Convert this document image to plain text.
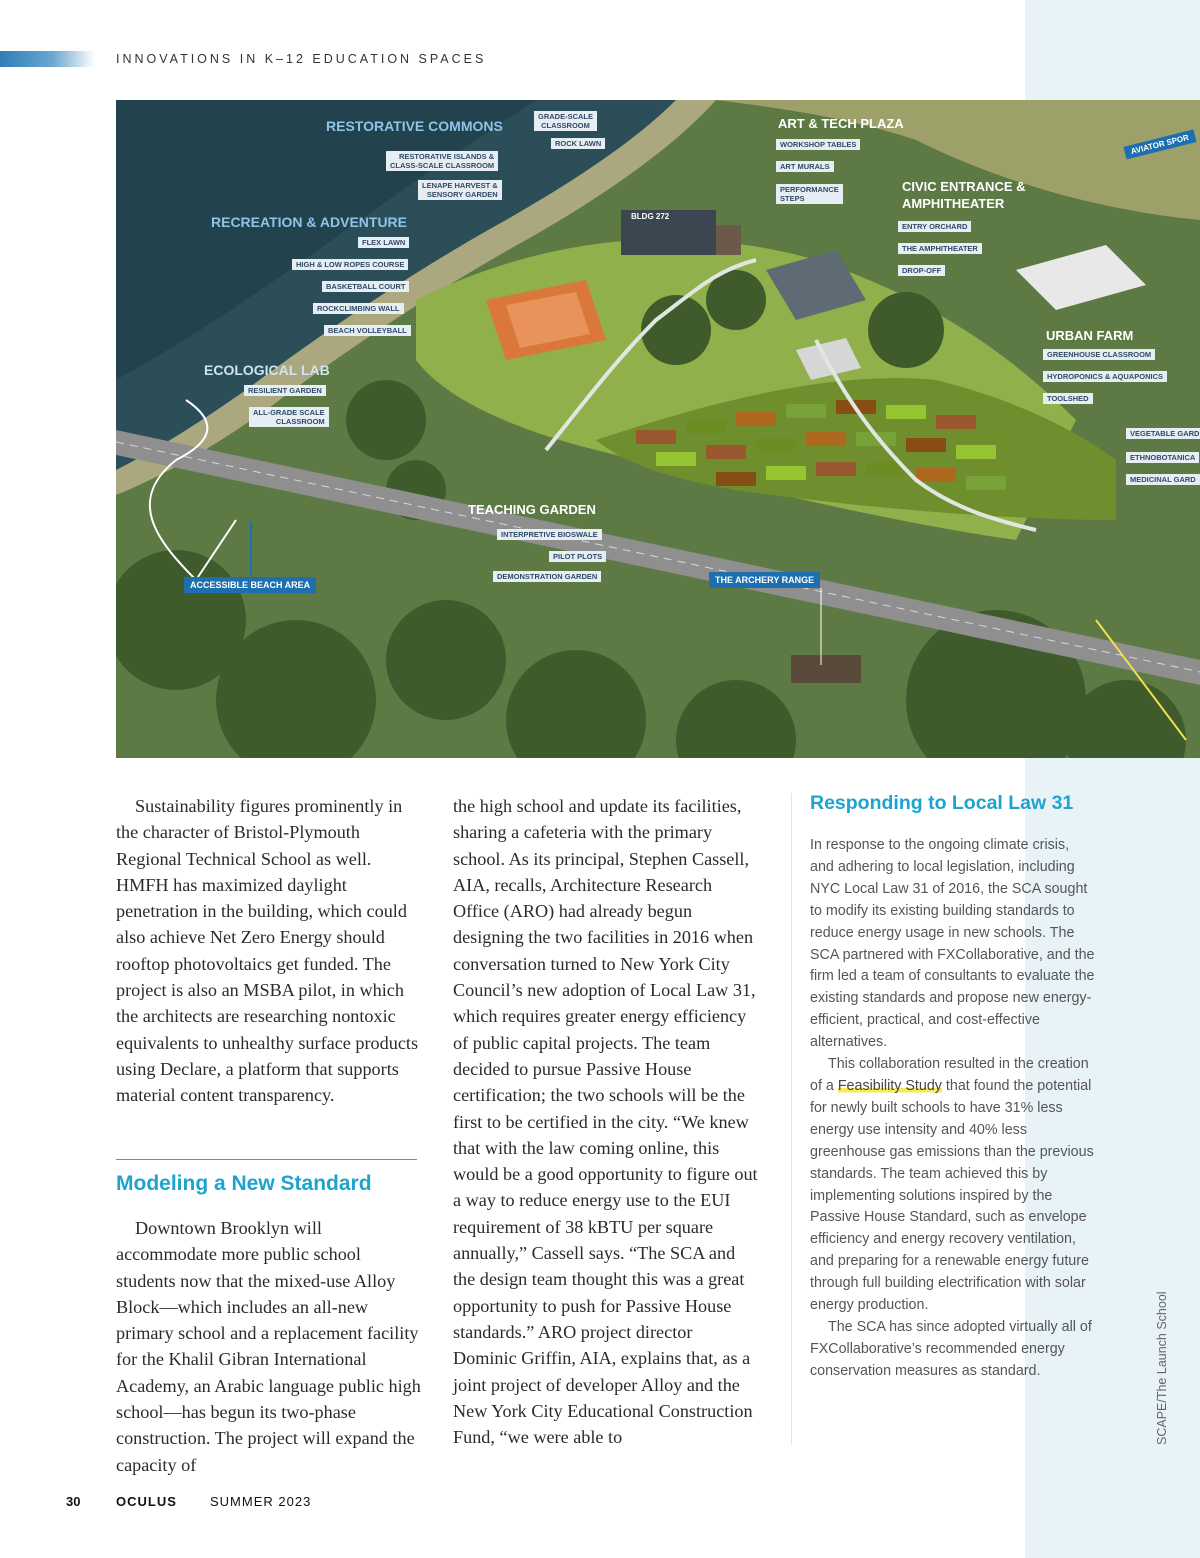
INNOVATIONS IN K–12 EDUCATION SPACES
RESTORATIVE COMMONS
RECREATION & ADVENTURE
ECOLOGICAL LAB
ART & TECH PLAZA
CIVIC ENTRANCE &
AMPHITHEATER
URBAN FARM
TEACHING GARDEN
GRADE-SCALE
CLASSROOM
ROCK LAWN
RESTORATIVE ISLANDS &
CLASS-SCALE CLASSROOM
LENAPE HARVEST &
SENSORY GARDEN
FLEX LAWN
HIGH & LOW ROPES COURSE
BASKETBALL COURT
ROCKCLIMBING WALL
BEACH VOLLEYBALL
RESILIENT GARDEN
ALL-GRADE SCALE
CLASSROOM
WORKSHOP TABLES
ART MURALS
PERFORMANCE
STEPS
ENTRY ORCHARD
THE AMPHITHEATER
DROP-OFF
BLDG 272
GREENHOUSE CLASSROOM
HYDROPONICS & AQUAPONICS
TOOLSHED
VEGETABLE GARD
ETHNOBOTANICA
MEDICINAL GARD
INTERPRETIVE BIOSWALE
PILOT PLOTS
DEMONSTRATION GARDEN
ACCESSIBLE BEACH AREA	THE ARCHERY RANGE
AVIATOR SPOR

Sustainability figures prominently in the character of Bristol-Plymouth Regional Technical School as well. HMFH has maximized daylight penetration in the building, which could also achieve Net Zero Energy should rooftop photovoltaics get funded. The project is also an MSBA pilot, in which the architects are researching nontoxic equivalents to unhealthy surface products using Declare, a platform that supports material content transparency.

Modeling a New Standard

Downtown Brooklyn will accommodate more public school students now that the mixed-use Alloy Block—which includes an all-new primary school and a replacement facility for the Khalil Gibran International Academy, an Arabic language public high school—has begun its two-phase construction. The project will expand the capacity of

the high school and update its facilities, sharing a cafeteria with the primary school. As its principal, Stephen Cassell, AIA, recalls, Architecture Research Office (ARO) had already begun designing the two facilities in 2016 when conversation turned to New York City Council’s new adoption of Local Law 31, which requires greater energy efficiency of public capital projects. The team decided to pursue Passive House certification; the two schools will be the first to be certified in the city. “We knew that with the law coming online, this would be a good opportunity to figure out a way to reduce energy use to the EUI requirement of 38 kBTU per square annually,” Cassell says. “The SCA and the design team thought this was a great opportunity to push for Passive House standards.” ARO project director Dominic Griffin, AIA, explains that, as a joint project of developer Alloy and the New York City Educational Construction Fund, “we were able to

Responding to Local Law 31

In response to the ongoing climate crisis, and adhering to local legislation, including NYC Local Law 31 of 2016, the SCA sought to modify its existing building standards to reduce energy usage in new schools. The SCA partnered with FXCollaborative, and the firm led a team of consultants to evaluate the existing standards and propose new energy-efficient, practical, and cost-effective alternatives.

This collaboration resulted in the creation of a Feasibility Study that found the potential for newly built schools to have 31% less energy use intensity and 40% less greenhouse gas emissions than the previous standards. The team achieved this by implementing solutions inspired by the Passive House Standard, such as envelope efficiency and energy recovery ventilation, and preparing for a renewable energy future through full building electrification with solar energy production.

The SCA has since adopted virtually all of FXCollaborative’s recommended energy conservation measures as standard.	SCAPE/The Launch School
30	OCULUS	SUMMER 2023
